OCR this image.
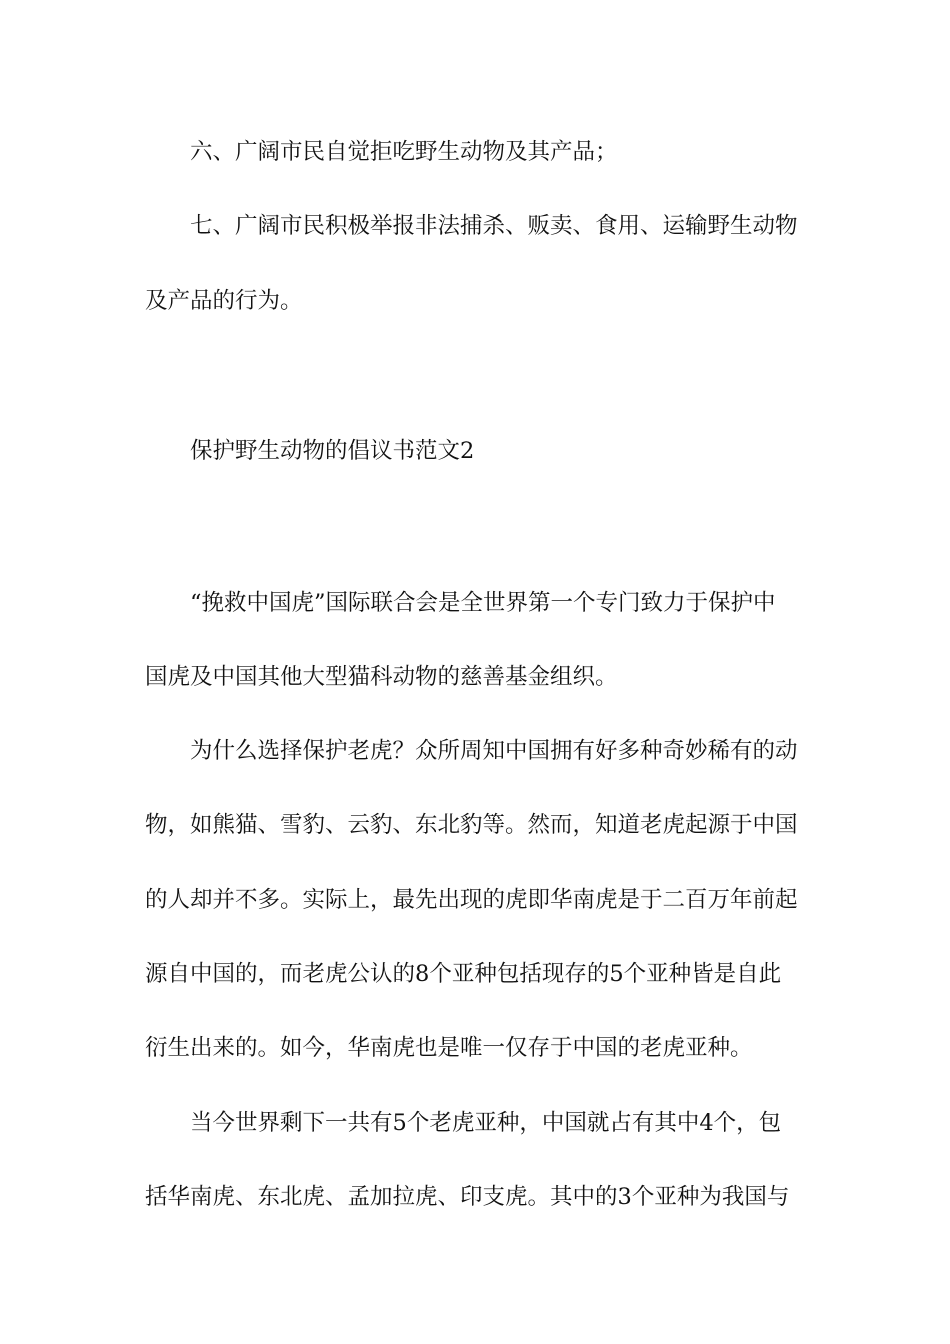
六、广阔市民自觉拒吃野生动物及其产品；
七、广阔市民积极举报非法捕杀、贩卖、食用、运输野生动物
及产品的行为。
保护野生动物的倡议书范文2
“挽救中国虎”国际联合会是全世界第一个专门致力于保护中
国虎及中国其他大型猫科动物的慈善基金组织。
为什么选择保护老虎？众所周知中国拥有好多种奇妙稀有的动
物，如熊猫、雪豹、云豹、东北豹等。然而，知道老虎起源于中国
的人却并不多。实际上，最先出现的虎即华南虎是于二百万年前起
源自中国的，而老虎公认的8个亚种包括现存的5个亚种皆是自此
衍生出来的。如今，华南虎也是唯一仅存于中国的老虎亚种。
当今世界剩下一共有5个老虎亚种，中国就占有其中4个，包
括华南虎、东北虎、孟加拉虎、印支虎。其中的3个亚种为我国与
